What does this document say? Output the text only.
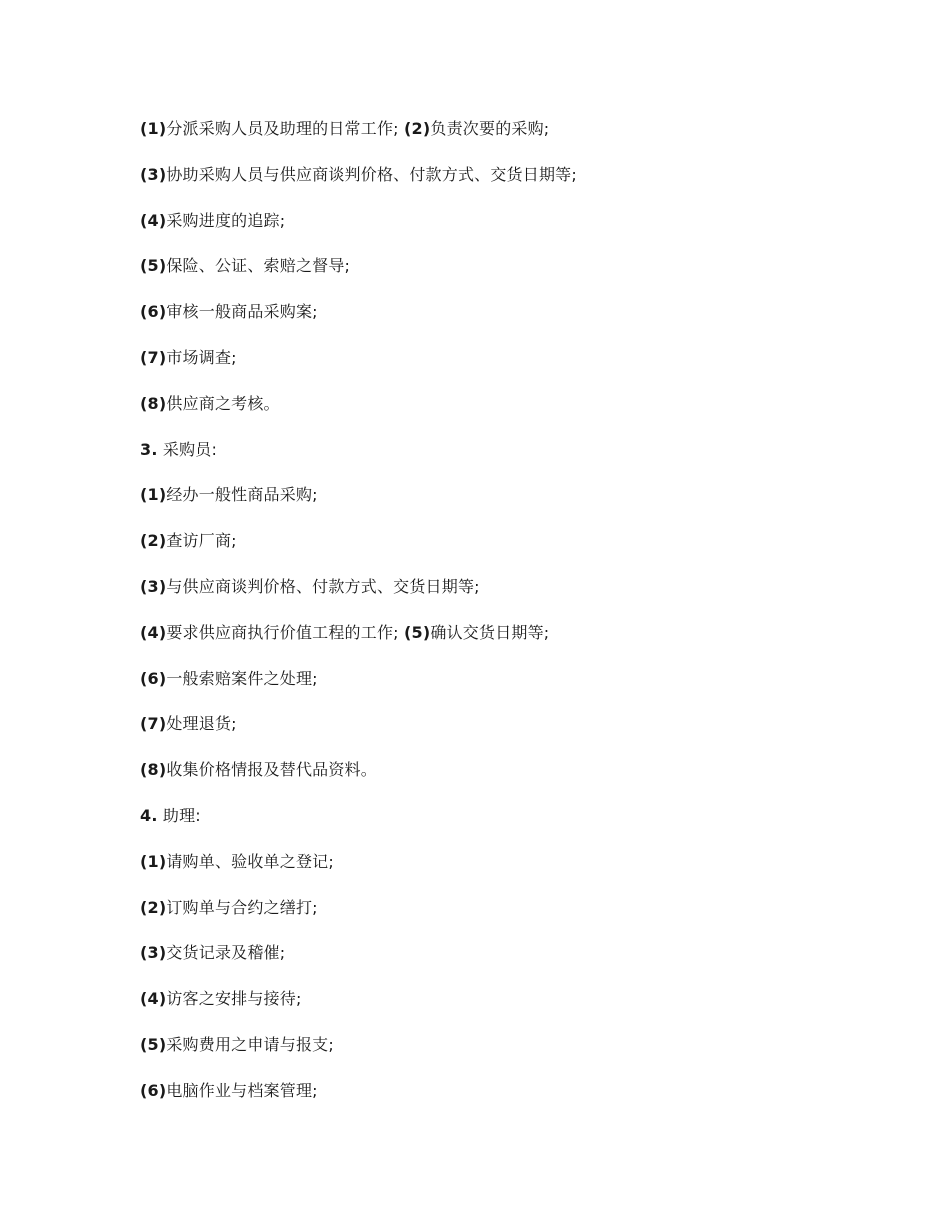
(1)分派采购人员及助理的日常工作; (2)负责次要的采购;
(3)协助采购人员与供应商谈判价格、付款方式、交货日期等;
(4)采购进度的追踪;
(5)保险、公证、索赔之督导;
(6)审核一般商品采购案;
(7)市场调查;
(8)供应商之考核。
3. 采购员:
(1)经办一般性商品采购;
(2)查访厂商;
(3)与供应商谈判价格、付款方式、交货日期等;
(4)要求供应商执行价值工程的工作; (5)确认交货日期等;
(6)一般索赔案件之处理;
(7)处理退货;
(8)收集价格情报及替代品资料。
4. 助理:
(1)请购单、验收单之登记;
(2)订购单与合约之缮打;
(3)交货记录及稽催;
(4)访客之安排与接待;
(5)采购费用之申请与报支;
(6)电脑作业与档案管理;
